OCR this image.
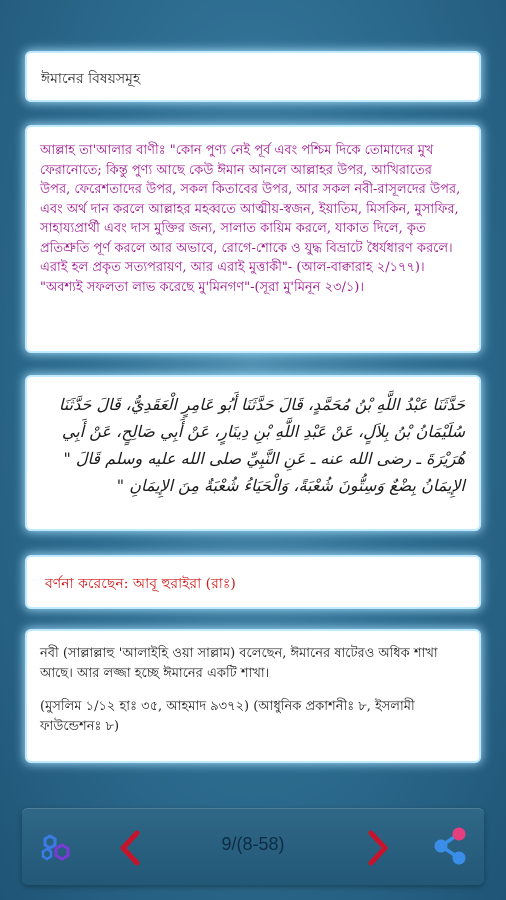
ঈমানের বিষয়সমূহ
আল্লাহ তা'আলার বাণীঃ "কোন পুণ্য নেই পূর্ব এবং পশ্চিম দিকে তোমাদের মুখ ফেরানোতে; কিন্তু পুণ্য আছে কেউ ঈমান আনলে আল্লাহর উপর, আখিরাতের উপর, ফেরেশতাদের উপর, সকল কিতাবের উপর, আর সকল নবী-রাসূলদের উপর, এবং অর্থ দান করলে আল্লাহর মহব্বতে আত্মীয়-স্বজন, ইয়াতিম, মিসকিন, মুসাফির, সাহায্যপ্রার্থী এবং দাস মুক্তির জন্য, সালাত কায়িম করলে, যাকাত দিলে, কৃত প্রতিশ্রুতি পূর্ণ করলে আর অভাবে, রোগে-শোকে ও যুদ্ধ বিভ্রাটে ধৈর্যধারণ করলে। এরাই হল প্রকৃত সত্যপরায়ণ, আর এরাই মুত্তাকী"- (আল-বাক্বারাহ ২/১৭৭)। "অবশ্যই সফলতা লাভ করেছে মু'মিনগণ"-(সূরা মু'মিনূন ২৩/১)।
حَدَّثَنَا عَبْدُ اللَّهِ بْنُ مُحَمَّدٍ، قَالَ حَدَّثَنَا أَبُو عَامِرٍ الْعَقَدِيُّ، قَالَ حَدَّثَنَا سُلَيْمَانُ بْنُ بِلاَلٍ، عَنْ عَبْدِ اللَّهِ بْنِ دِينَارٍ، عَنْ أَبِي صَالِحٍ، عَنْ أَبِي هُرَيْرَةَ ـ رضى الله عنه ـ عَنِ النَّبِيِّ صلى الله عليه وسلم قَالَ " الإِيمَانُ بِضْعٌ وَسِتُّونَ شُعْبَةً، وَالْحَيَاءُ شُعْبَةٌ مِنَ الإِيمَانِ "
বর্ণনা করেছেন: আবূ হুরাইরা (রাঃ)
নবী (সাল্লাল্লাহু 'আলাইহি ওয়া সাল্লাম) বলেছেন, ঈমানের ষাটেরও অধিক শাখা আছে। আর লজ্জা হচ্ছে ঈমানের একটি শাখা।
(মুসলিম ১/১২ হাঃ ৩৫, আহমাদ ৯৩৭২) (আধুনিক প্রকাশনীঃ ৮, ইসলামী ফাউন্ডেশনঃ ৮)
9/(8-58)
